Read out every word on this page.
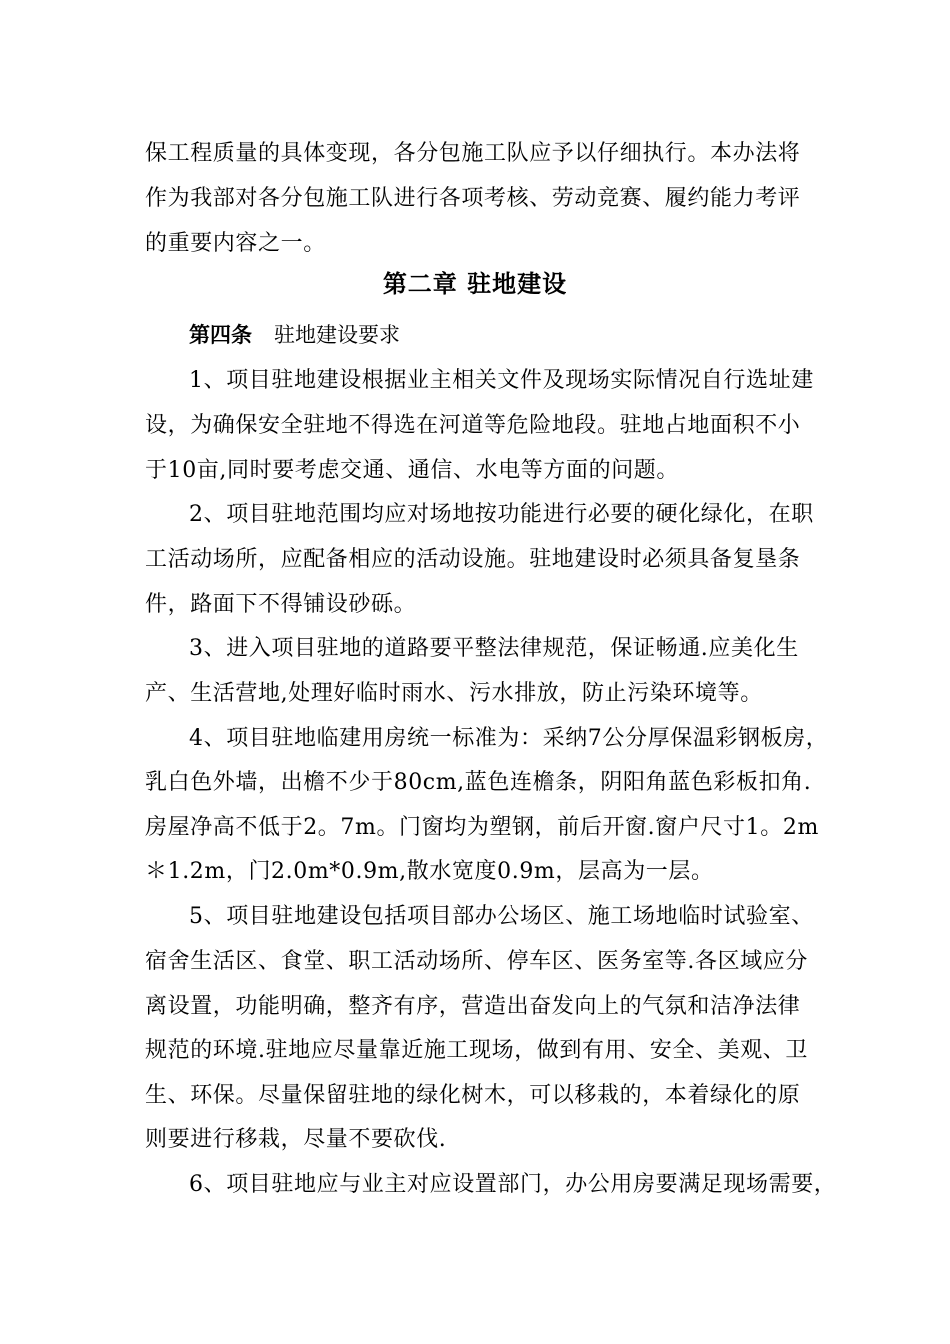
保工程质量的具体变现，各分包施工队应予以仔细执行。本办法将
作为我部对各分包施工队进行各项考核、劳动竞赛、履约能力考评
的重要内容之一。
第二章 驻地建设
第四条 驻地建设要求
1、项目驻地建设根据业主相关文件及现场实际情况自行选址建
设，为确保安全驻地不得选在河道等危险地段。驻地占地面积不小
于10亩,同时要考虑交通、通信、水电等方面的问题。
2、项目驻地范围均应对场地按功能进行必要的硬化绿化，在职
工活动场所，应配备相应的活动设施。驻地建设时必须具备复垦条
件，路面下不得铺设砂砾。
3、进入项目驻地的道路要平整法律规范，保证畅通.应美化生
产、生活营地,处理好临时雨水、污水排放，防止污染环境等。
4、项目驻地临建用房统一标准为：采纳7公分厚保温彩钢板房，
乳白色外墙，出檐不少于80cm,蓝色连檐条，阴阳角蓝色彩板扣角.
房屋净高不低于2。7m。门窗均为塑钢，前后开窗.窗户尺寸1。2m
＊1.2m，门2.0m*0.9m,散水宽度0.9m，层高为一层。
5、项目驻地建设包括项目部办公场区、施工场地临时试验室、
宿舍生活区、食堂、职工活动场所、停车区、医务室等.各区域应分
离设置，功能明确，整齐有序，营造出奋发向上的气氛和洁净法律
规范的环境.驻地应尽量靠近施工现场，做到有用、安全、美观、卫
生、环保。尽量保留驻地的绿化树木，可以移栽的，本着绿化的原
则要进行移栽，尽量不要砍伐.
6、项目驻地应与业主对应设置部门，办公用房要满足现场需要，
